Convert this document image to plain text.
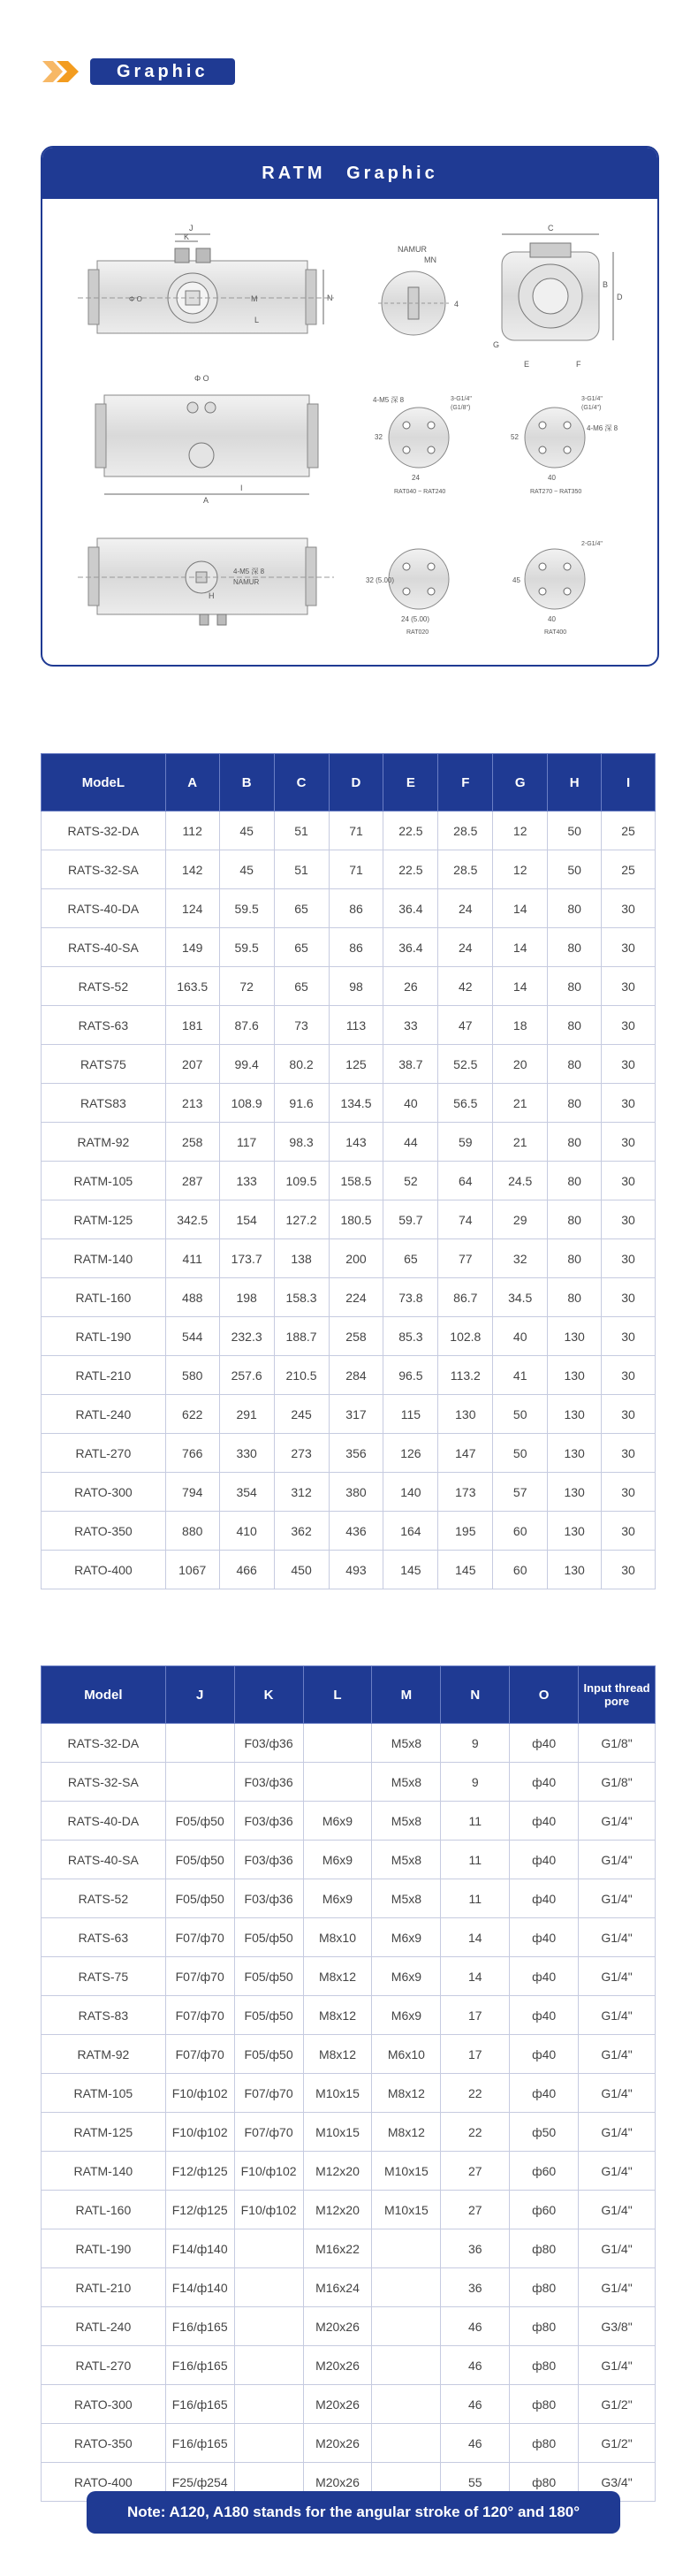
Graphic
RATM Graphic
J
K
Φ O	M
L
N
NAMUR
MN
4
C
D
B
G
E	F
A
Φ O
I
4-M5 深 8
32
24
RAT040 ~ RAT240
3-G1/4"
(G1/8")
52
4-M6 深 8
40
RAT270 ~ RAT350
3-G1/4"
(G1/4")
4-M5 深 8
NAMUR
H
32 (5.00)
24 (5.00)
RAT020
45
2-G1/4"
40
RAT400
ModeL	A	B	C	D	E	F	G	H	I
RATS-32-DA	112	45	51	71	22.5	28.5	12	50	25
RATS-32-SA	142	45	51	71	22.5	28.5	12	50	25
RATS-40-DA	124	59.5	65	86	36.4	24	14	80	30
RATS-40-SA	149	59.5	65	86	36.4	24	14	80	30
RATS-52	163.5	72	65	98	26	42	14	80	30
RATS-63	181	87.6	73	113	33	47	18	80	30
RATS75	207	99.4	80.2	125	38.7	52.5	20	80	30
RATS83	213	108.9	91.6	134.5	40	56.5	21	80	30
RATM-92	258	117	98.3	143	44	59	21	80	30
RATM-105	287	133	109.5	158.5	52	64	24.5	80	30
RATM-125	342.5	154	127.2	180.5	59.7	74	29	80	30
RATM-140	411	173.7	138	200	65	77	32	80	30
RATL-160	488	198	158.3	224	73.8	86.7	34.5	80	30
RATL-190	544	232.3	188.7	258	85.3	102.8	40	130	30
RATL-210	580	257.6	210.5	284	96.5	113.2	41	130	30
RATL-240	622	291	245	317	115	130	50	130	30
RATL-270	766	330	273	356	126	147	50	130	30
RATO-300	794	354	312	380	140	173	57	130	30
RATO-350	880	410	362	436	164	195	60	130	30
RATO-400	1067	466	450	493	145	145	60	130	30
Model	J	K	L	M	N	O	Input thread pore
RATS-32-DA		F03/ф36		M5x8	9	ф40	G1/8"
RATS-32-SA		F03/ф36		M5x8	9	ф40	G1/8"
RATS-40-DA	F05/ф50	F03/ф36	M6x9	M5x8	11	ф40	G1/4"
RATS-40-SA	F05/ф50	F03/ф36	M6x9	M5x8	11	ф40	G1/4"
RATS-52	F05/ф50	F03/ф36	M6x9	M5x8	11	ф40	G1/4"
RATS-63	F07/ф70	F05/ф50	M8x10	M6x9	14	ф40	G1/4"
RATS-75	F07/ф70	F05/ф50	M8x12	M6x9	14	ф40	G1/4"
RATS-83	F07/ф70	F05/ф50	M8x12	M6x9	17	ф40	G1/4"
RATM-92	F07/ф70	F05/ф50	M8x12	M6x10	17	ф40	G1/4"
RATM-105	F10/ф102	F07/ф70	M10x15	M8x12	22	ф40	G1/4"
RATM-125	F10/ф102	F07/ф70	M10x15	M8x12	22	ф50	G1/4"
RATM-140	F12/ф125	F10/ф102	M12x20	M10x15	27	ф60	G1/4"
RATL-160	F12/ф125	F10/ф102	M12x20	M10x15	27	ф60	G1/4"
RATL-190	F14/ф140		M16x22		36	ф80	G1/4"
RATL-210	F14/ф140		M16x24		36	ф80	G1/4"
RATL-240	F16/ф165		M20x26		46	ф80	G3/8"
RATL-270	F16/ф165		M20x26		46	ф80	G1/4"
RATO-300	F16/ф165		M20x26		46	ф80	G1/2"
RATO-350	F16/ф165		M20x26		46	ф80	G1/2"
RATO-400	F25/ф254		M20x26		55	ф80	G3/4"
Note: A120, A180 stands for the angular stroke of 120° and 180° respectively.
